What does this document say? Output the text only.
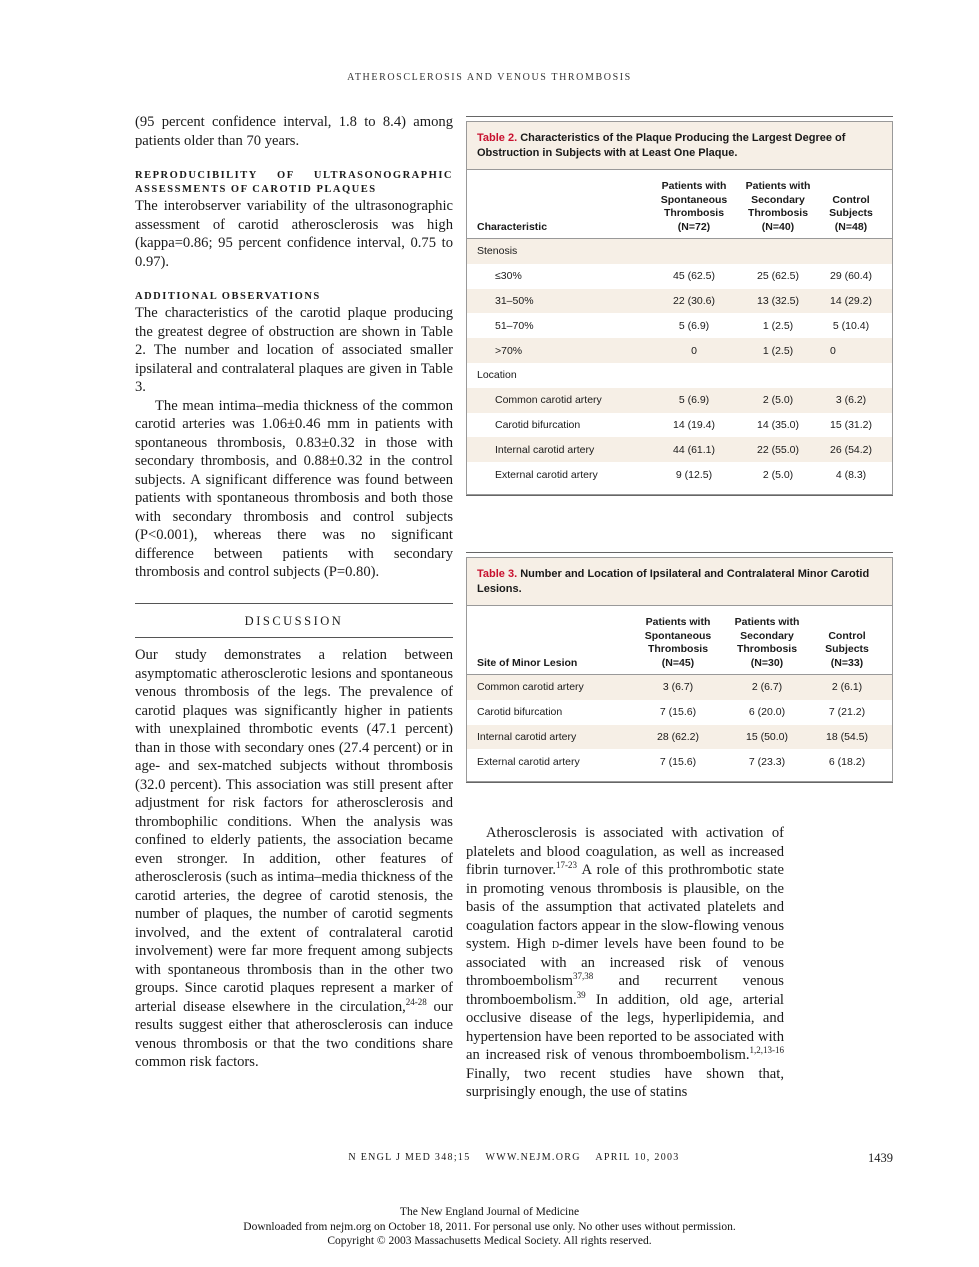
ATHEROSCLEROSIS AND VENOUS THROMBOSIS

(95 percent confidence interval, 1.8 to 8.4) among patients older than 70 years.

REPRODUCIBILITY OF ULTRASONOGRAPHIC ASSESSMENTS OF CAROTID PLAQUES

The interobserver variability of the ultrasonographic assessment of carotid atherosclerosis was high (kappa=0.86; 95 percent confidence interval, 0.75 to 0.97).

ADDITIONAL OBSERVATIONS

The characteristics of the carotid plaque producing the greatest degree of obstruction are shown in Table 2. The number and location of associated smaller ipsilateral and contralateral plaques are given in Table 3.

The mean intima–media thickness of the common carotid arteries was 1.06±0.46 mm in patients with spontaneous thrombosis, 0.83±0.32 in those with secondary thrombosis, and 0.88±0.32 in the control subjects. A significant difference was found between patients with spontaneous thrombosis and both those with secondary thrombosis and control subjects (P<0.001), whereas there was no significant difference between patients with secondary thrombosis and control subjects (P=0.80).

DISCUSSION

Our study demonstrates a relation between asymptomatic atherosclerotic lesions and spontaneous venous thrombosis of the legs. The prevalence of carotid plaques was significantly higher in patients with unexplained thrombotic events (47.1 percent) than in those with secondary ones (27.4 percent) or in age- and sex-matched subjects without thrombosis (32.0 percent). This association was still present after adjustment for risk factors for atherosclerosis and thrombophilic conditions. When the analysis was confined to elderly patients, the association became even stronger. In addition, other features of atherosclerosis (such as intima–media thickness of the carotid arteries, the degree of carotid stenosis, the number of plaques, the number of carotid segments involved, and the extent of contralateral carotid involvement) were far more frequent among subjects with spontaneous thrombosis than in the other two groups. Since carotid plaques represent a marker of arterial disease elsewhere in the circulation,$^{24-28}$ our results suggest either that atherosclerosis can induce venous thrombosis or that the two conditions share common risk factors.

Table 2. Characteristics of the Plaque Producing the Largest Degree of Obstruction in Subjects with at Least One Plaque.
Characteristic
Patients with
Spontaneous
Thrombosis
(N=72)
Patients with
Secondary
Thrombosis
(N=40)
Control
Subjects
(N=48)
Stenosis
≤30%	45 (62.5)	25 (62.5)	29 (60.4)
31–50%	22 (30.6)	13 (32.5)	14 (29.2)
51–70%	5 (6.9)	1 (2.5)	5 (10.4)
>70%	0	1 (2.5)	0
Location
Common carotid artery	5 (6.9)	2 (5.0)	3 (6.2)
Carotid bifurcation	14 (19.4)	14 (35.0)	15 (31.2)
Internal carotid artery	44 (61.1)	22 (55.0)	26 (54.2)
External carotid artery	9 (12.5)	2 (5.0)	4 (8.3)
Table 3. Number and Location of Ipsilateral and Contralateral Minor Carotid Lesions.
Site of Minor Lesion
Patients with
Spontaneous
Thrombosis
(N=45)
Patients with
Secondary
Thrombosis
(N=30)
Control
Subjects
(N=33)
Common carotid artery	3 (6.7)	2 (6.7)	2 (6.1)
Carotid bifurcation	7 (15.6)	6 (20.0)	7 (21.2)
Internal carotid artery	28 (62.2)	15 (50.0)	18 (54.5)
External carotid artery	7 (15.6)	7 (23.3)	6 (18.2)

Atherosclerosis is associated with activation of platelets and blood coagulation, as well as increased fibrin turnover.$^{17-23}$ A role of this prothrombotic state in promoting venous thrombosis is plausible, on the basis of the assumption that activated platelets and coagulation factors appear in the slow-flowing venous system. High d-dimer levels have been found to be associated with an increased risk of venous thromboembolism$^{37,38}$ and recurrent venous thromboembolism.$^{39}$ In addition, old age, arterial occlusive disease of the legs, hyperlipidemia, and hypertension have been reported to be associated with an increased risk of venous thromboembolism.$^{1,2,13-16}$ Finally, two recent studies have shown that, surprisingly enough, the use of statins

N ENGL J MED 348;15    WWW.NEJM.ORG    APRIL 10, 2003	1439
The New England Journal of Medicine
Downloaded from nejm.org on October 18, 2011. For personal use only. No other uses without permission.
Copyright © 2003 Massachusetts Medical Society. All rights reserved.
